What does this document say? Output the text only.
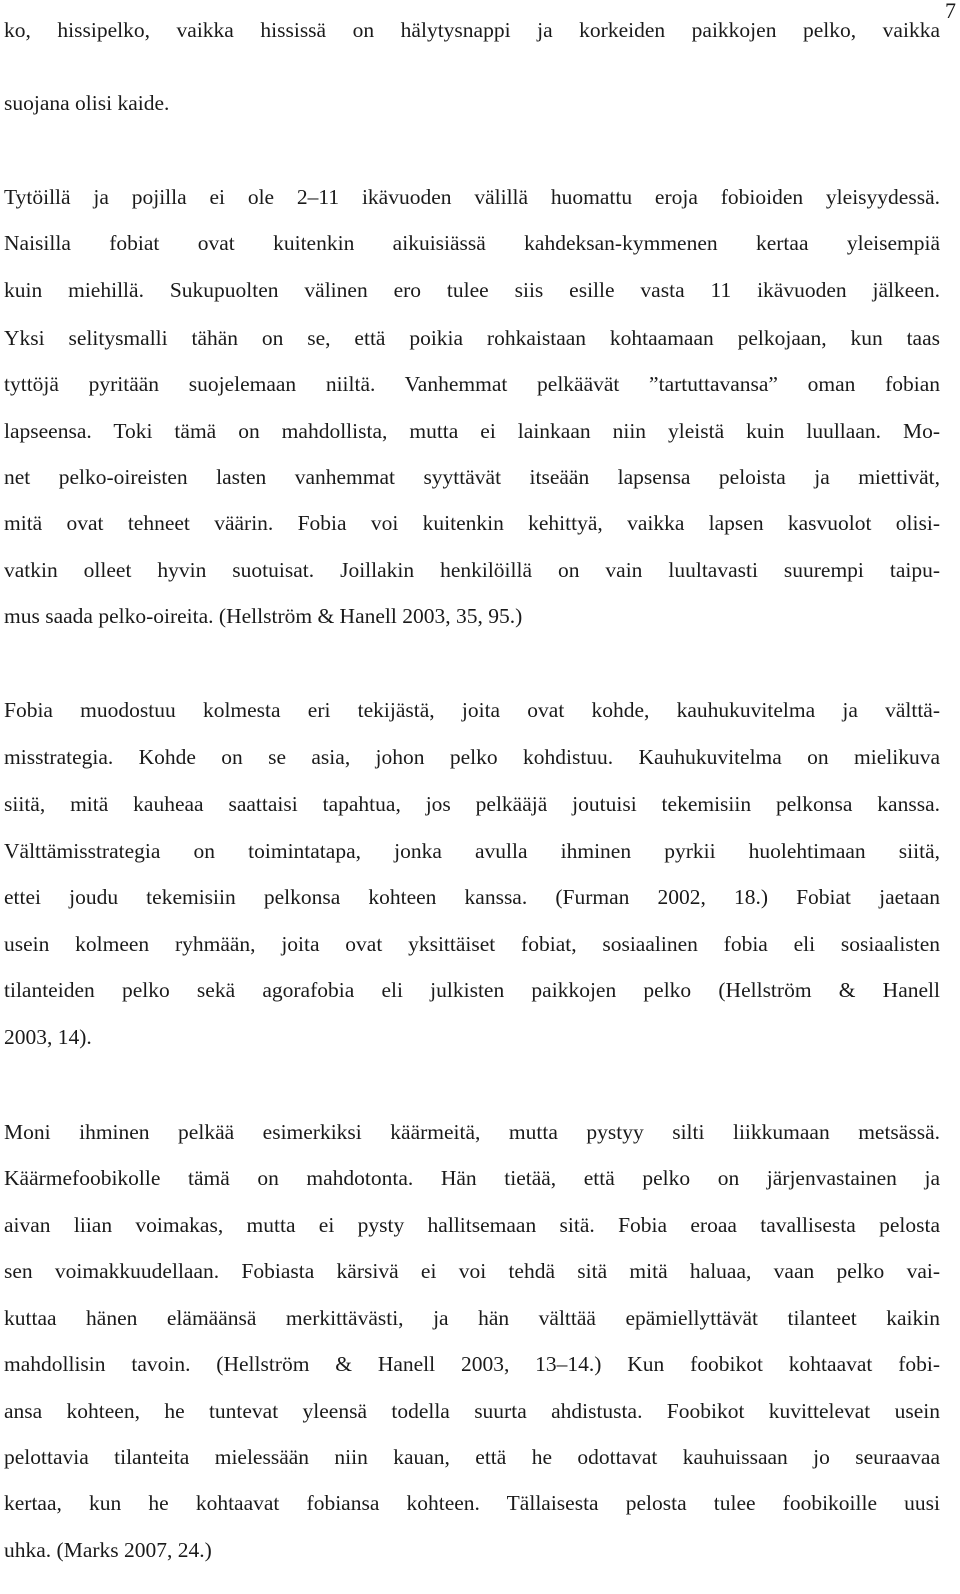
7
ko, hissipelko, vaikka hississä on hälytysnappi ja korkeiden paikkojen pelko, vaikka
suojana olisi kaide.
Tytöillä ja pojilla ei ole 2–11 ikävuoden välillä huomattu eroja fobioiden yleisyydessä.
Naisilla fobiat ovat kuitenkin aikuisiässä kahdeksan-kymmenen kertaa yleisempiä
kuin miehillä. Sukupuolten välinen ero tulee siis esille vasta 11 ikävuoden jälkeen.
Yksi selitysmalli tähän on se, että poikia rohkaistaan kohtaamaan pelkojaan, kun taas
tyttöjä pyritään suojelemaan niiltä. Vanhemmat pelkäävät ”tartuttavansa” oman fobian
lapseensa. Toki tämä on mahdollista, mutta ei lainkaan niin yleistä kuin luullaan. Mo-
net pelko-oireisten lasten vanhemmat syyttävät itseään lapsensa peloista ja miettivät,
mitä ovat tehneet väärin. Fobia voi kuitenkin kehittyä, vaikka lapsen kasvuolot olisi-
vatkin olleet hyvin suotuisat. Joillakin henkilöillä on vain luultavasti suurempi taipu-
mus saada pelko-oireita. (Hellström & Hanell 2003, 35, 95.)
Fobia muodostuu kolmesta eri tekijästä, joita ovat kohde, kauhukuvitelma ja välttä-
misstrategia. Kohde on se asia, johon pelko kohdistuu. Kauhukuvitelma on mielikuva
siitä, mitä kauheaa saattaisi tapahtua, jos pelkääjä joutuisi tekemisiin pelkonsa kanssa.
Välttämisstrategia on toimintatapa, jonka avulla ihminen pyrkii huolehtimaan siitä,
ettei joudu tekemisiin pelkonsa kohteen kanssa. (Furman 2002, 18.) Fobiat jaetaan
usein kolmeen ryhmään, joita ovat yksittäiset fobiat, sosiaalinen fobia eli sosiaalisten
tilanteiden pelko sekä agorafobia eli julkisten paikkojen pelko (Hellström & Hanell
2003, 14).
Moni ihminen pelkää esimerkiksi käärmeitä, mutta pystyy silti liikkumaan metsässä.
Käärmefoobikolle tämä on mahdotonta. Hän tietää, että pelko on järjenvastainen ja
aivan liian voimakas, mutta ei pysty hallitsemaan sitä. Fobia eroaa tavallisesta pelosta
sen voimakkuudellaan. Fobiasta kärsivä ei voi tehdä sitä mitä haluaa, vaan pelko vai-
kuttaa hänen elämäänsä merkittävästi, ja hän välttää epämiellyttävät tilanteet kaikin
mahdollisin tavoin. (Hellström & Hanell 2003, 13–14.) Kun foobikot kohtaavat fobi-
ansa kohteen, he tuntevat yleensä todella suurta ahdistusta. Foobikot kuvittelevat usein
pelottavia tilanteita mielessään niin kauan, että he odottavat kauhuissaan jo seuraavaa
kertaa, kun he kohtaavat fobiansa kohteen. Tällaisesta pelosta tulee foobikoille uusi
uhka. (Marks 2007, 24.)
